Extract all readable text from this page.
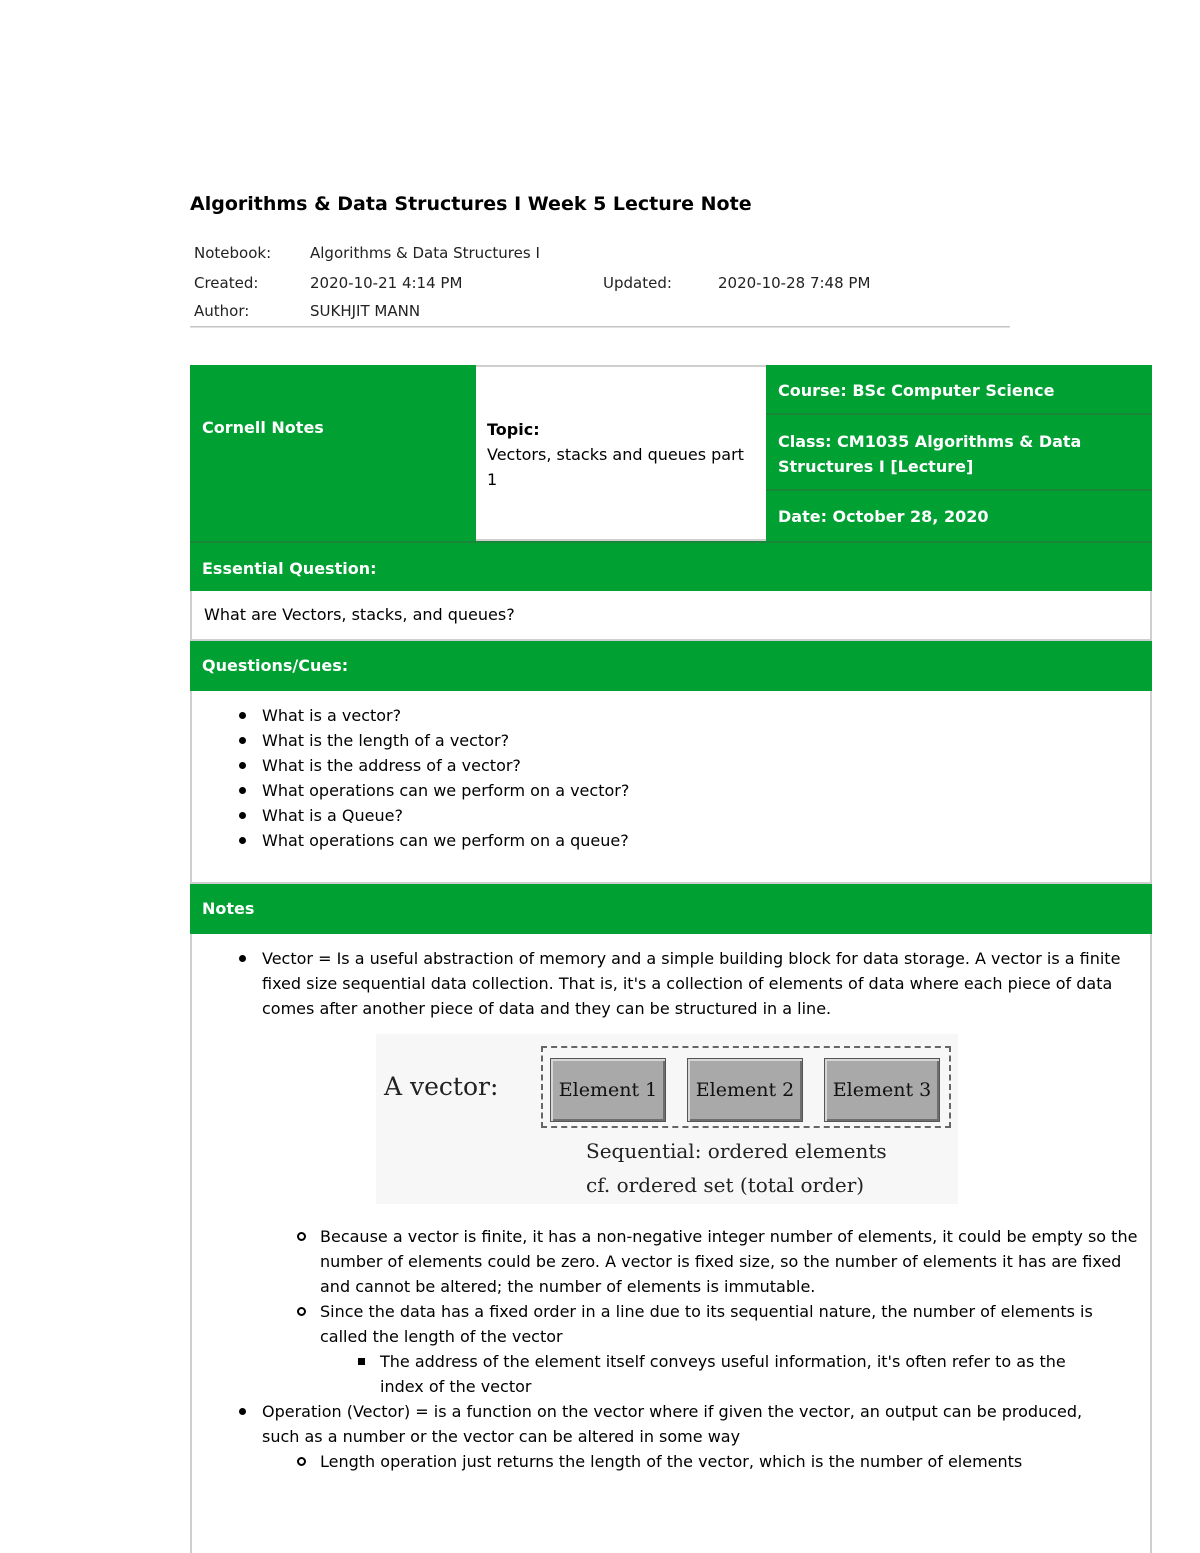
Algorithms & Data Structures I Week 5 Lecture Note
Notebook:	Algorithms & Data Structures I
Created:	2020-10-21 4:14 PM	Updated:	2020-10-28 7:48 PM
Author:	SUKHJIT MANN
Cornell Notes	Topic:
Vectors, stacks and queues part 1
Course: BSc Computer Science
Class: CM1035 Algorithms & Data Structures I [Lecture]
Date: October 28, 2020
Essential Question:
What are Vectors, stacks, and queues?
Questions/Cues:
What is a vector?
What is the length of a vector?
What is the address of a vector?
What operations can we perform on a vector?
What is a Queue?
What operations can we perform on a queue?
Notes
Vector = Is a useful abstraction of memory and a simple building block for data storage. A vector is a finite fixed size sequential data collection. That is, it's a collection of elements of data where each piece of data comes after another piece of data and they can be structured in a line.
A vector:	Element 1	Element 2	Element 3
Sequential: ordered elements
cf. ordered set (total order)
Because a vector is finite, it has a non-negative integer number of elements, it could be empty so the number of elements could be zero. A vector is fixed size, so the number of elements it has are fixed and cannot be altered; the number of elements is immutable.
Since the data has a fixed order in a line due to its sequential nature, the number of elements is called the length of the vector
The address of the element itself conveys useful information, it's often refer to as the index of the vector
Operation (Vector) = is a function on the vector where if given the vector, an output can be produced, such as a number or the vector can be altered in some way
Length operation just returns the length of the vector, which is the number of elements
